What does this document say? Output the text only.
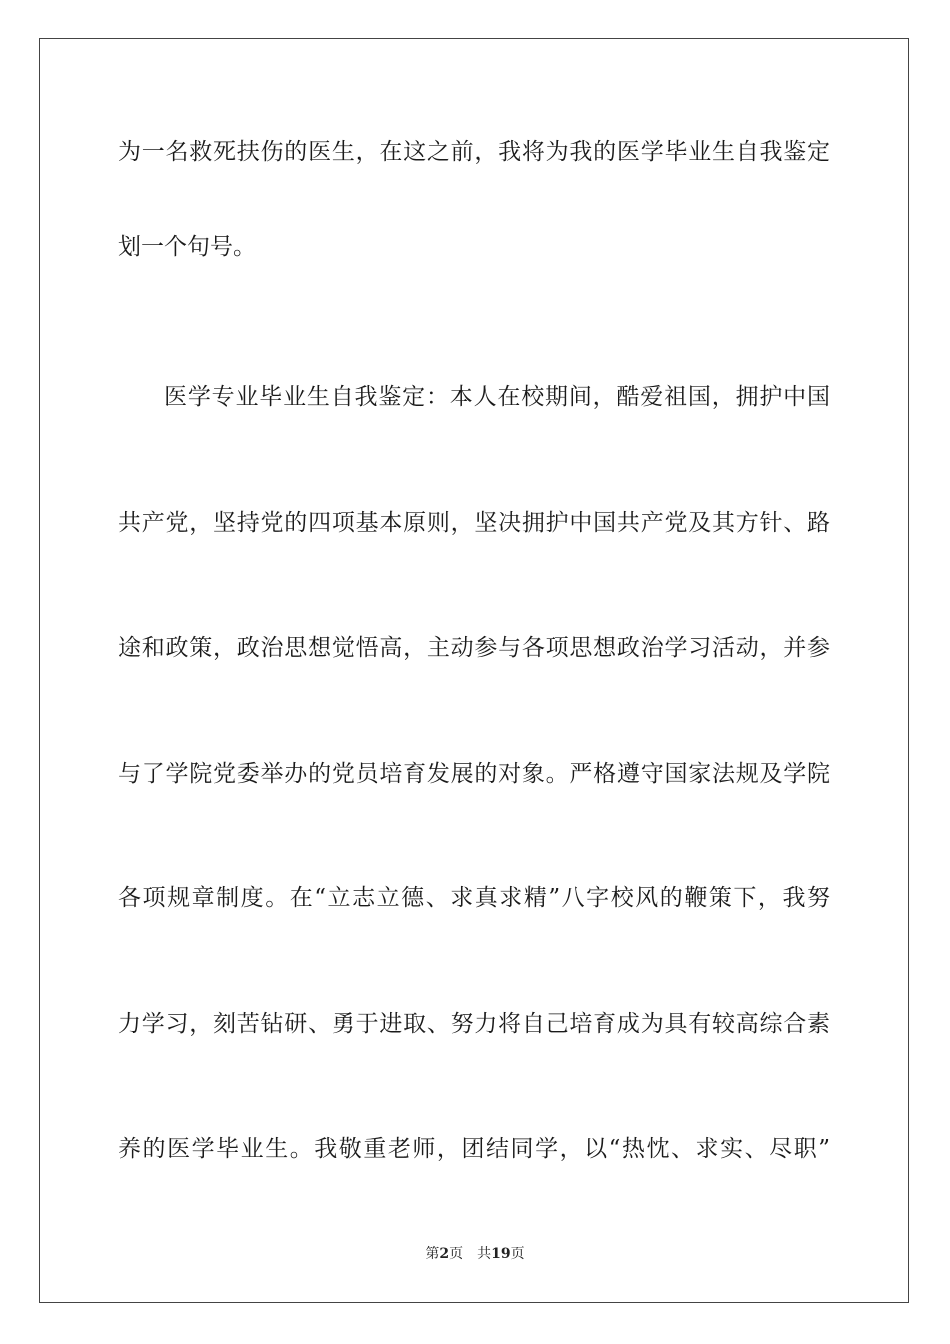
为一名救死扶伤的医生，在这之前，我将为我的医学毕业生自我鉴定
划一个句号。
医学专业毕业生自我鉴定：本人在校期间，酷爱祖国，拥护中国
共产党，坚持党的四项基本原则，坚决拥护中国共产党及其方针、路
途和政策，政治思想觉悟高，主动参与各项思想政治学习活动，并参
与了学院党委举办的党员培育发展的对象。严格遵守国家法规及学院
各项规章制度。在“立志立德、求真求精”八字校风的鞭策下，我努
力学习，刻苦钻研、勇于进取、努力将自己培育成为具有较高综合素
养的医学毕业生。我敬重老师，团结同学，以“热忱、求实、尽职”
第2页 共19页
